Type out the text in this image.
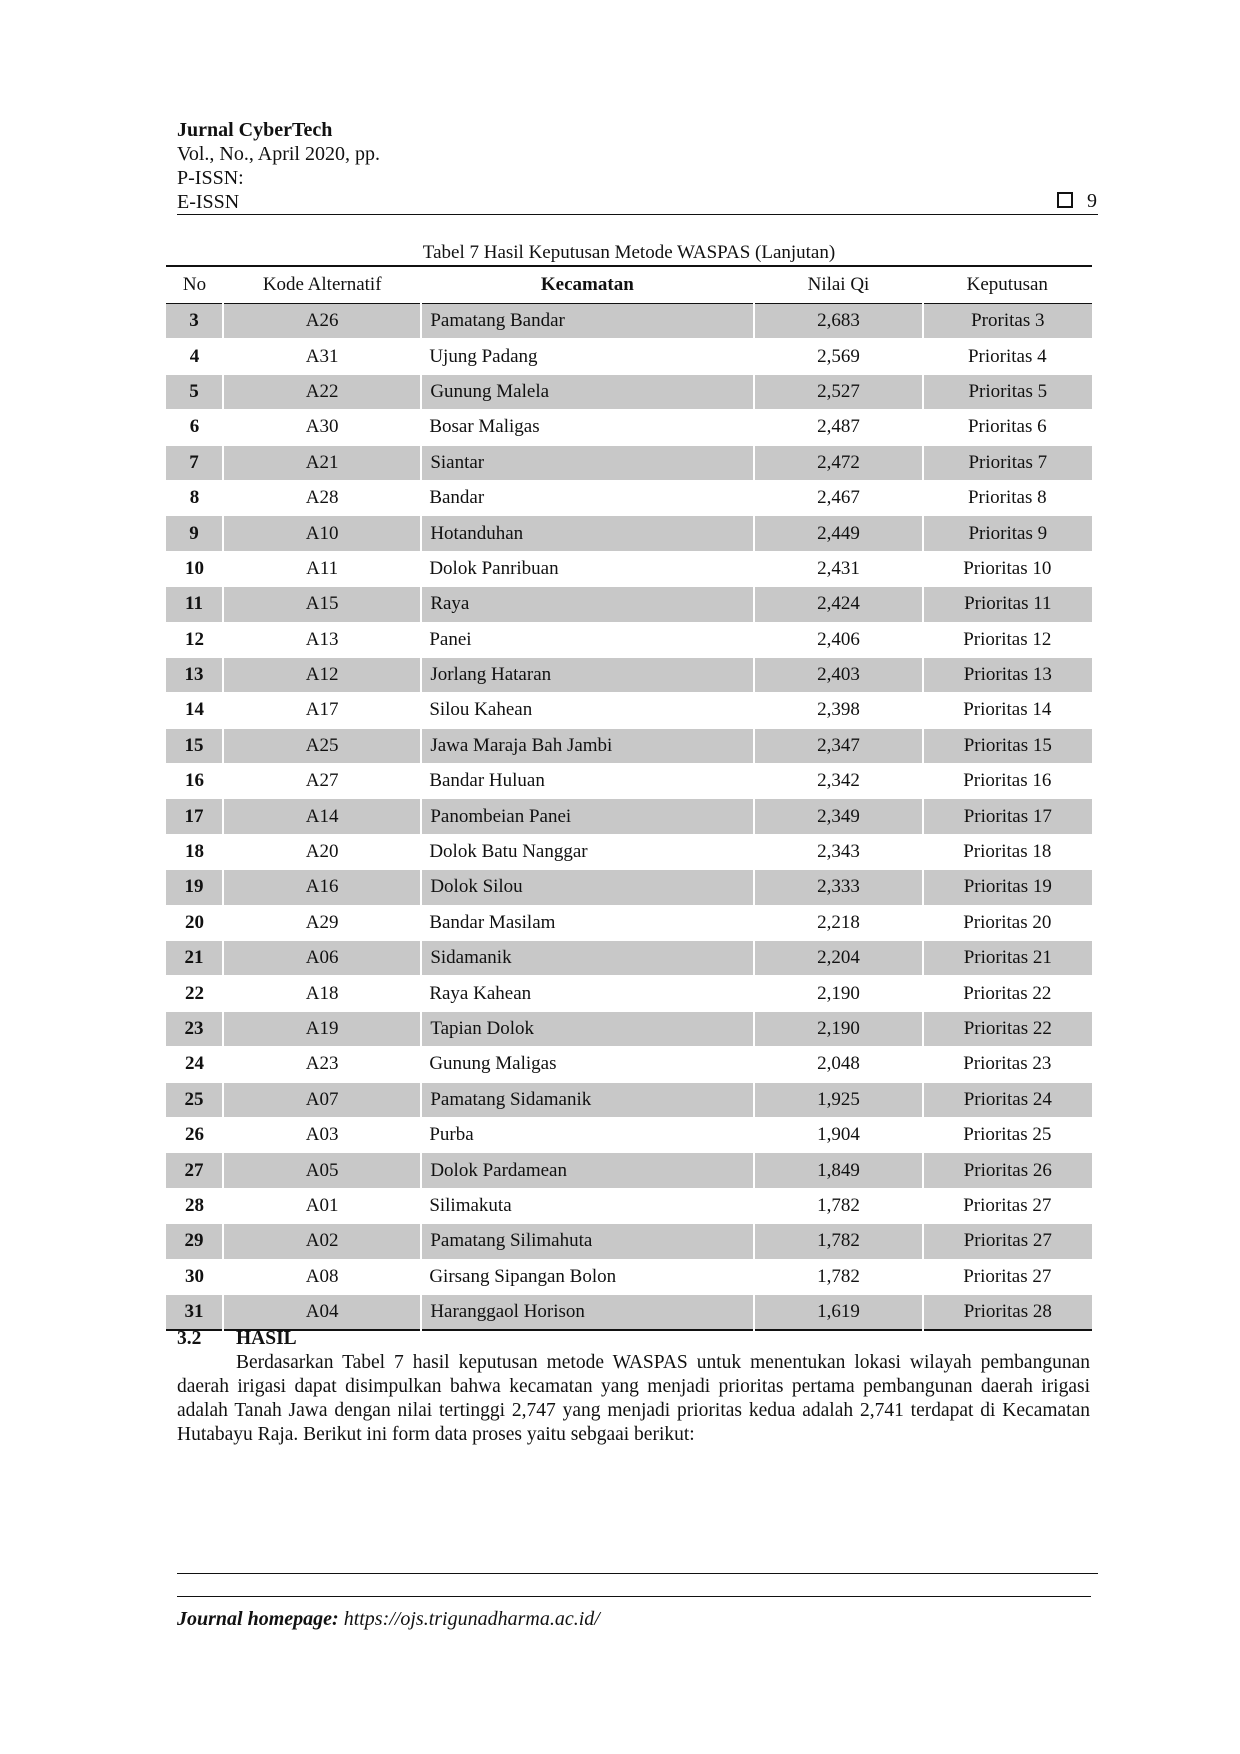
Jurnal CyberTech
Vol., No., April 2020, pp.
P-ISSN:
E-ISSN	9
Tabel 7 Hasil Keputusan Metode WASPAS (Lanjutan)
No	Kode Alternatif	Kecamatan	Nilai Qi	Keputusan
3	A26	Pamatang Bandar	2,683	Proritas 3
4	A31	Ujung Padang	2,569	Prioritas 4
5	A22	Gunung Malela	2,527	Prioritas 5
6	A30	Bosar Maligas	2,487	Prioritas 6
7	A21	Siantar	2,472	Prioritas 7
8	A28	Bandar	2,467	Prioritas 8
9	A10	Hotanduhan	2,449	Prioritas 9
10	A11	Dolok Panribuan	2,431	Prioritas 10
11	A15	Raya	2,424	Prioritas 11
12	A13	Panei	2,406	Prioritas 12
13	A12	Jorlang Hataran	2,403	Prioritas 13
14	A17	Silou Kahean	2,398	Prioritas 14
15	A25	Jawa Maraja Bah Jambi	2,347	Prioritas 15
16	A27	Bandar Huluan	2,342	Prioritas 16
17	A14	Panombeian Panei	2,349	Prioritas 17
18	A20	Dolok Batu Nanggar	2,343	Prioritas 18
19	A16	Dolok Silou	2,333	Prioritas 19
20	A29	Bandar Masilam	2,218	Prioritas 20
21	A06	Sidamanik	2,204	Prioritas 21
22	A18	Raya Kahean	2,190	Prioritas 22
23	A19	Tapian Dolok	2,190	Prioritas 22
24	A23	Gunung Maligas	2,048	Prioritas 23
25	A07	Pamatang Sidamanik	1,925	Prioritas 24
26	A03	Purba	1,904	Prioritas 25
27	A05	Dolok Pardamean	1,849	Prioritas 26
28	A01	Silimakuta	1,782	Prioritas 27
29	A02	Pamatang Silimahuta	1,782	Prioritas 27
30	A08	Girsang Sipangan Bolon	1,782	Prioritas 27
31	A04	Haranggaol Horison	1,619	Prioritas 28
3.2 HASIL
Berdasarkan Tabel 7 hasil keputusan metode WASPAS untuk menentukan lokasi wilayah pembangunan daerah irigasi dapat disimpulkan bahwa kecamatan yang menjadi prioritas pertama pembangunan daerah irigasi adalah Tanah Jawa dengan nilai tertinggi 2,747 yang menjadi prioritas kedua adalah 2,741 terdapat di Kecamatan Hutabayu Raja. Berikut ini form data proses yaitu sebgaai berikut:
Journal homepage: https://ojs.trigunadharma.ac.id/
